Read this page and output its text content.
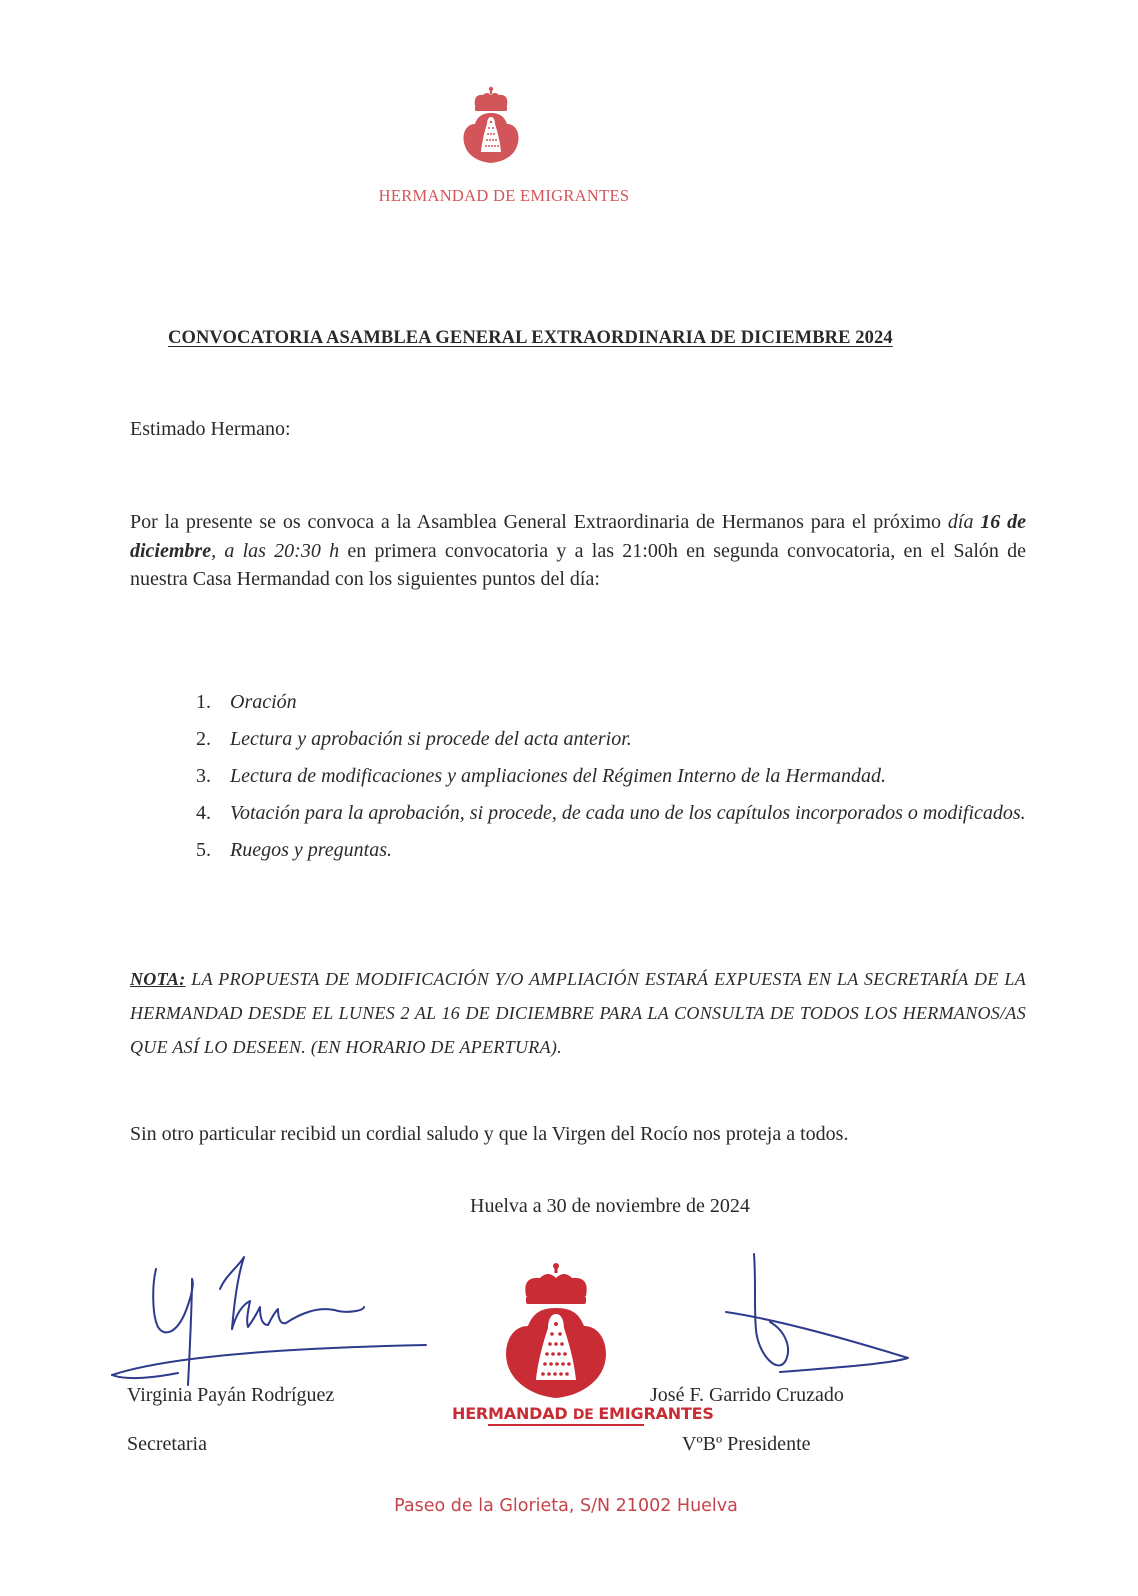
HERMANDAD DE EMIGRANTES
CONVOCATORIA ASAMBLEA GENERAL EXTRAORDINARIA DE DICIEMBRE 2024
Estimado Hermano:
Por la presente se os convoca a la Asamblea General Extraordinaria de Hermanos para el próximo día 16 de diciembre, a las 20:30 h en primera convocatoria y a las 21:00h en segunda convocatoria, en el Salón de nuestra Casa Hermandad con los siguientes puntos del día:
1. Oración
2. Lectura y aprobación si procede del acta anterior.
3. Lectura de modificaciones y ampliaciones del Régimen Interno de la Hermandad.
4. Votación para la aprobación, si procede, de cada uno de los capítulos incorporados o modificados.
5. Ruegos y preguntas.
NOTA: LA PROPUESTA DE MODIFICACIÓN Y/O AMPLIACIÓN ESTARÁ EXPUESTA EN LA SECRETARÍA DE LA HERMANDAD DESDE EL LUNES 2 AL 16 DE DICIEMBRE PARA LA CONSULTA DE TODOS LOS HERMANOS/AS QUE ASÍ LO DESEEN. (EN HORARIO DE APERTURA).
Sin otro particular recibid un cordial saludo y que la Virgen del Rocío nos proteja a todos.
Huelva a 30 de noviembre de 2024
HERMANDAD DE EMIGRANTES
Virginia Payán Rodríguez
Secretaria
José F. Garrido Cruzado
VºBº Presidente
Paseo de la Glorieta, S/N 21002 Huelva
